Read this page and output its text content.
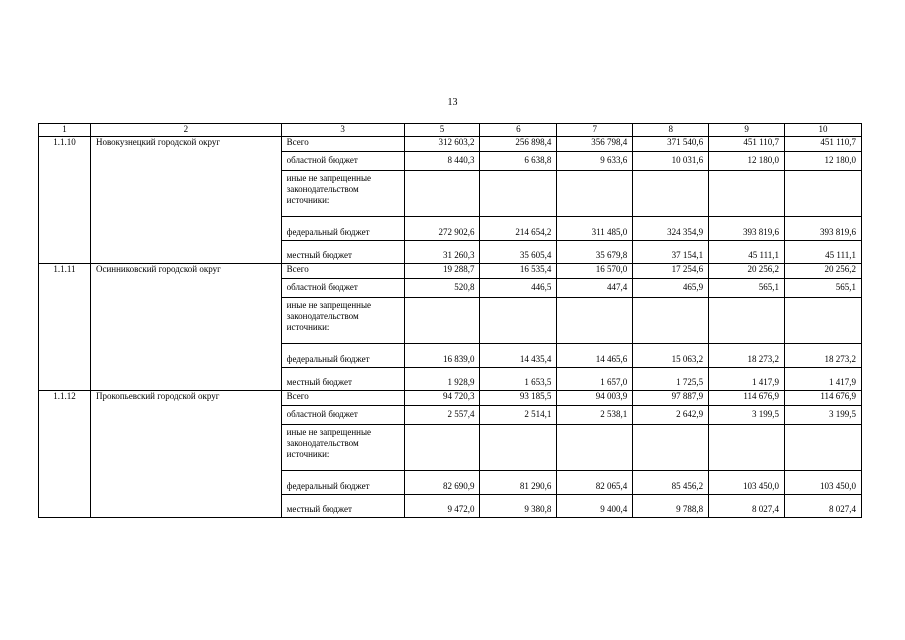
13
1	2	3	5	6	7	8	9	10
1.1.10	Новокузнецкий городской округ	Всего	312 603,2	256 898,4	356 798,4	371 540,6	451 110,7	451 110,7
		областной бюджет	8 440,3	6 638,8	9 633,6	10 031,6	12 180,0	12 180,0
		иные не запрещенные законодательством источники:						
		федеральный бюджет	272 902,6	214 654,2	311 485,0	324 354,9	393 819,6	393 819,6
		местный бюджет	31 260,3	35 605,4	35 679,8	37 154,1	45 111,1	45 111,1
1.1.11	Осинниковский городской округ	Всего	19 288,7	16 535,4	16 570,0	17 254,6	20 256,2	20 256,2
		областной бюджет	520,8	446,5	447,4	465,9	565,1	565,1
		иные не запрещенные законодательством источники:						
		федеральный бюджет	16 839,0	14 435,4	14 465,6	15 063,2	18 273,2	18 273,2
		местный бюджет	1 928,9	1 653,5	1 657,0	1 725,5	1 417,9	1 417,9
1.1.12	Прокопьевский городской округ	Всего	94 720,3	93 185,5	94 003,9	97 887,9	114 676,9	114 676,9
		областной бюджет	2 557,4	2 514,1	2 538,1	2 642,9	3 199,5	3 199,5
		иные не запрещенные законодательством источники:						
		федеральный бюджет	82 690,9	81 290,6	82 065,4	85 456,2	103 450,0	103 450,0
		местный бюджет	9 472,0	9 380,8	9 400,4	9 788,8	8 027,4	8 027,4
